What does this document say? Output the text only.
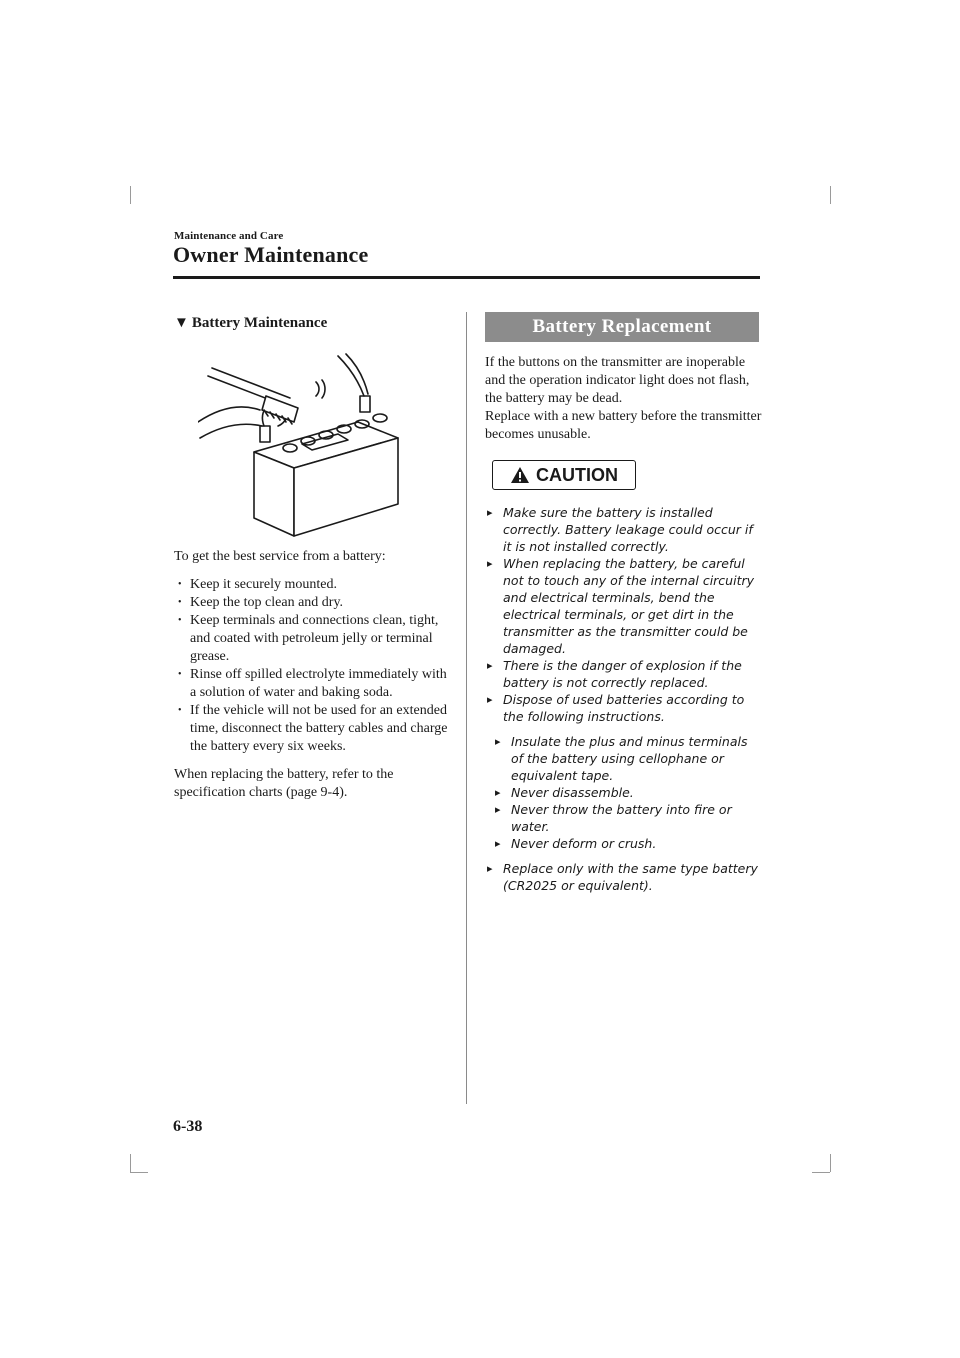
Maintenance and Care
Owner Maintenance
▼ Battery Maintenance
To get the best service from a battery:
• Keep it securely mounted.
• Keep the top clean and dry.
• Keep terminals and connections clean, tight, and coated with petroleum jelly or terminal grease.
• Rinse off spilled electrolyte immediately with a solution of water and baking soda.
• If the vehicle will not be used for an extended time, disconnect the battery cables and charge the battery every six weeks.

When replacing the battery, refer to the specification charts (page 9-4).

Battery Replacement

If the buttons on the transmitter are inoperable and the operation indicator light does not flash, the battery may be dead.

Replace with a new battery before the transmitter becomes unusable.

CAUTION
▸ Make sure the battery is installed correctly. Battery leakage could occur if it is not installed correctly.
▸ When replacing the battery, be careful not to touch any of the internal circuitry and electrical terminals, bend the electrical terminals, or get dirt in the transmitter as the transmitter could be damaged.
▸ There is the danger of explosion if the battery is not correctly replaced.
▸ Dispose of used batteries according to the following instructions.
▸ Insulate the plus and minus terminals of the battery using cellophane or equivalent tape.
▸ Never disassemble.
▸ Never throw the battery into fire or water.
▸ Never deform or crush.
▸ Replace only with the same type battery (CR2025 or equivalent).
6-38
